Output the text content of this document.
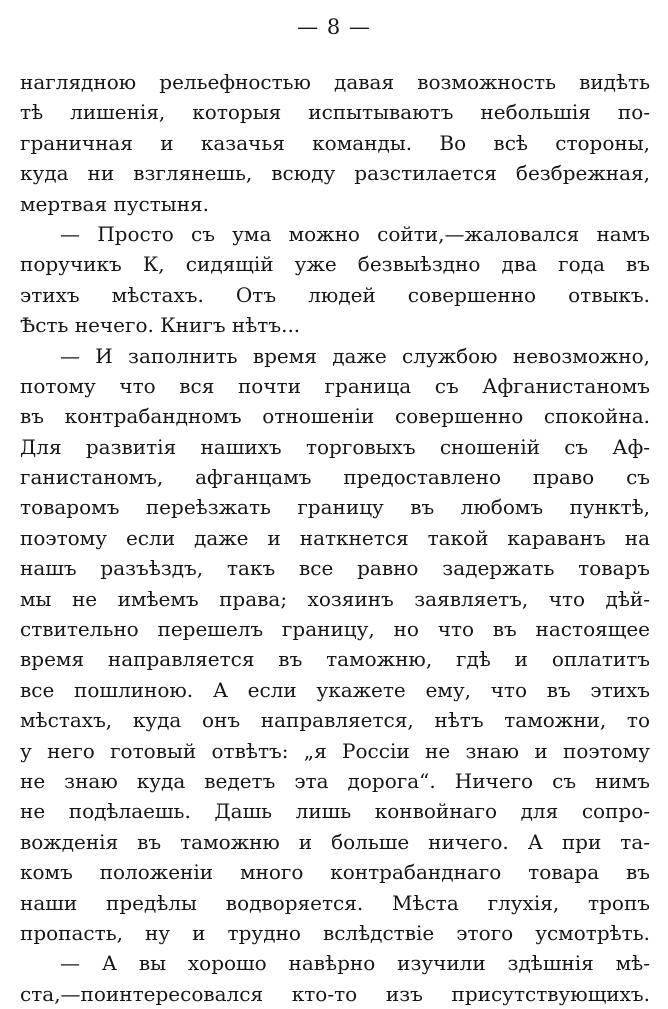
— 8 —
наглядною рельефностью давая возможность видѣть
тѣ лишенія, которыя испытываютъ небольшія по-
граничная и казачья команды. Во всѣ стороны,
куда ни взглянешь, всюду разстилается безбрежная,
мертвая пустыня.
— Просто съ ума можно сойти,—жаловался намъ
поручикъ К, сидящій уже безвыѣздно два года въ
этихъ мѣстахъ. Отъ людей совершенно отвыкъ.
Ѣсть нечего. Книгъ нѣтъ...
— И заполнить время даже службою невозможно,
потому что вся почти граница съ Афганистаномъ
въ контрабандномъ отношеніи совершенно спокойна.
Для развитія нашихъ торговыхъ сношеній съ Аф-
ганистаномъ, афганцамъ предоставлено право съ
товаромъ переѣзжать границу въ любомъ пунктѣ,
поэтому если даже и наткнется такой караванъ на
нашъ разъѣздъ, такъ все равно задержать товаръ
мы не имѣемъ права; хозяинъ заявляетъ, что дѣй-
ствительно перешелъ границу, но что въ настоящее
время направляется въ таможню, гдѣ и оплатитъ
все пошлиною. А если укажете ему, что въ этихъ
мѣстахъ, куда онъ направляется, нѣтъ таможни, то
у него готовый отвѣтъ: „я Россіи не знаю и поэтому
не знаю куда ведетъ эта дорога“. Ничего съ нимъ
не подѣлаешь. Дашь лишь конвойнаго для сопро-
вожденія въ таможню и больше ничего. А при та-
комъ положеніи много контрабанднаго товара въ
наши предѣлы водворяется. Мѣста глухія, тропъ
пропасть, ну и трудно вслѣдствіе этого усмотрѣть.
— А вы хорошо навѣрно изучили здѣшнія мѣ-
ста,—поинтересовался кто-то изъ присутствующихъ.
